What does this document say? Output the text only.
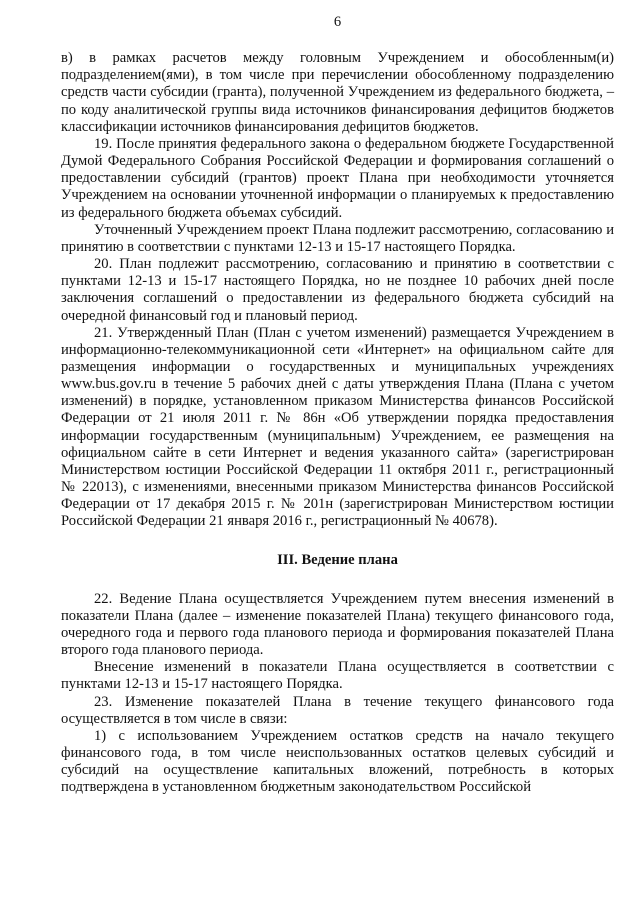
6

в) в рамках расчетов между головным Учреждением и обособленным(и) подразделением(ями), в том числе при перечислении обособленному подразделению средств части субсидии (гранта), полученной Учреждением из федерального бюджета, – по коду аналитической группы вида источников финансирования дефицитов бюджетов классификации источников финансирования дефицитов бюджетов.

19. После принятия федерального закона о федеральном бюджете Государственной Думой Федерального Собрания Российской Федерации и формирования соглашений о предоставлении субсидий (грантов) проект Плана при необходимости уточняется Учреждением на основании уточненной информации о планируемых к предоставлению из федерального бюджета объемах субсидий.

Уточненный Учреждением проект Плана подлежит рассмотрению, согласованию и принятию в соответствии с пунктами 12-13 и 15-17 настоящего Порядка.

20. План подлежит рассмотрению, согласованию и принятию в соответствии с пунктами 12-13 и 15-17 настоящего Порядка, но не позднее 10 рабочих дней после заключения соглашений о предоставлении из федерального бюджета субсидий на очередной финансовый год и плановый период.

21. Утвержденный План (План с учетом изменений) размещается Учреждением в информационно-телекоммуникационной сети «Интернет» на официальном сайте для размещения информации о государственных и муниципальных учреждениях www.bus.gov.ru в течение 5 рабочих дней с даты утверждения Плана (Плана с учетом изменений) в порядке, установленном приказом Министерства финансов Российской Федерации от 21 июля 2011 г. № 86н «Об утверждении порядка предоставления информации государственным (муниципальным) Учреждением, ее размещения на официальном сайте в сети Интернет и ведения указанного сайта» (зарегистрирован Министерством юстиции Российской Федерации 11 октября 2011 г., регистрационный № 22013), с изменениями, внесенными приказом Министерства финансов Российской Федерации от 17 декабря 2015 г. № 201н (зарегистрирован Министерством юстиции Российской Федерации 21 января 2016 г., регистрационный № 40678).

III. Ведение плана

22. Ведение Плана осуществляется Учреждением путем внесения изменений в показатели Плана (далее – изменение показателей Плана) текущего финансового года, очередного года и первого года планового периода и формирования показателей Плана второго года планового периода.

Внесение изменений в показатели Плана осуществляется в соответствии с пунктами 12-13 и 15-17 настоящего Порядка.

23. Изменение показателей Плана в течение текущего финансового года осуществляется в том числе в связи:

1) с использованием Учреждением остатков средств на начало текущего финансового года, в том числе неиспользованных остатков целевых субсидий и субсидий на осуществление капитальных вложений, потребность в которых подтверждена в установленном бюджетным законодательством Российской
